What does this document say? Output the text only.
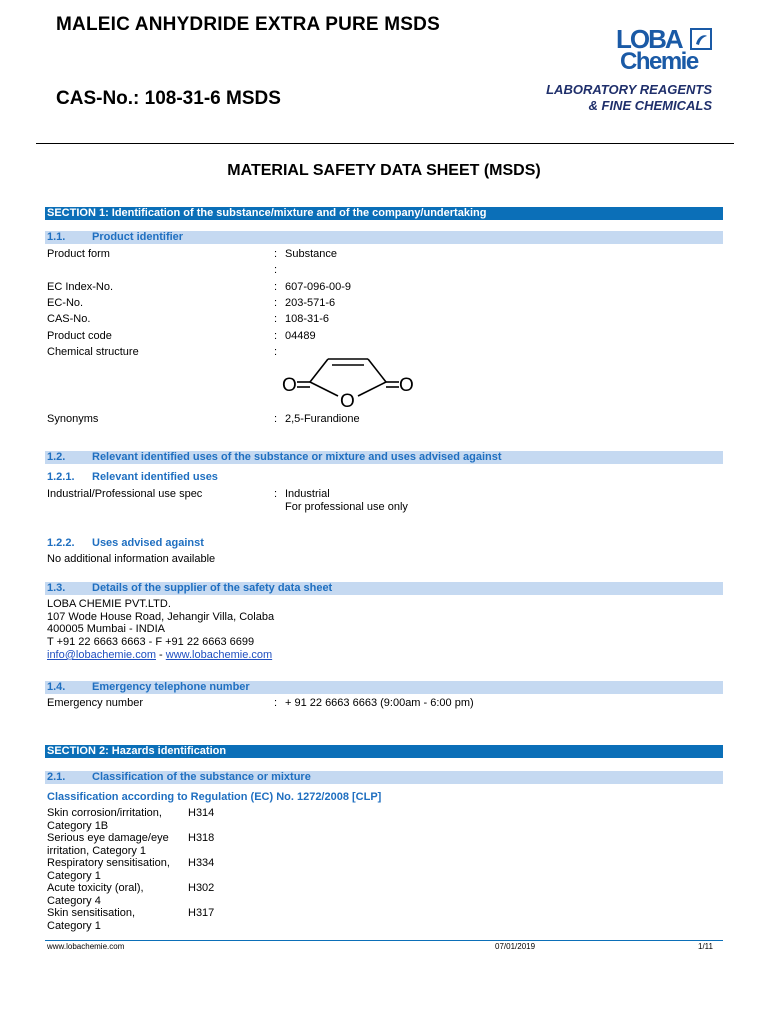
MALEIC ANHYDRIDE EXTRA PURE MSDS
CAS-No.: 108-31-6 MSDS
LOBA
Chemie
LABORATORY REAGENTS
& FINE CHEMICALS
MATERIAL SAFETY DATA SHEET (MSDS)
SECTION 1: Identification of the substance/mixture and of the company/undertaking
1.1. Product identifier
Product form	: Substance
:
EC Index-No.	: 607-096-00-9
EC-No.	: 203-571-6
CAS-No.	: 108-31-6
Product code	: 04489
Chemical structure	:
O
O
O
Synonyms	: 2,5-Furandione
1.2. Relevant identified uses of the substance or mixture and uses advised against
1.2.1. Relevant identified uses
Industrial/Professional use spec	: Industrial
For professional use only
1.2.2. Uses advised against
No additional information available
1.3. Details of the supplier of the safety data sheet
LOBA CHEMIE PVT.LTD.
107 Wode House Road, Jehangir Villa, Colaba
400005 Mumbai - INDIA
T +91 22 6663 6663 - F +91 22 6663 6699
info@lobachemie.com - www.lobachemie.com
1.4. Emergency telephone number
Emergency number	: + 91 22 6663 6663 (9:00am - 6:00 pm)
SECTION 2: Hazards identification
2.1. Classification of the substance or mixture
Classification according to Regulation (EC) No. 1272/2008 [CLP]
Skin corrosion/irritation,
Category 1B
H314
Serious eye damage/eye
irritation, Category 1
H318
Respiratory sensitisation,
Category 1
H334
Acute toxicity (oral),
Category 4
H302
Skin sensitisation,
Category 1
H317
www.lobachemie.com	07/01/2019	1/11
